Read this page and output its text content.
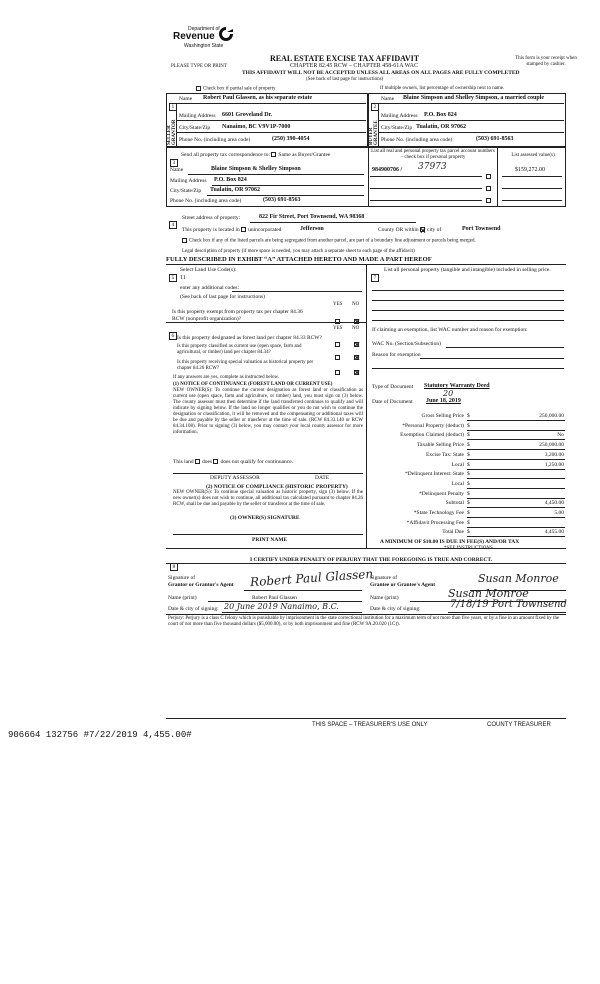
Department of
Revenue
Washington State
PLEASE TYPE OR PRINT
REAL ESTATE EXCISE TAX AFFIDAVIT
CHAPTER 82.45 RCW – CHAPTER 458-61A WAC
THIS AFFIDAVIT WILL NOT BE ACCEPTED UNLESS ALL AREAS ON ALL PAGES ARE FULLY COMPLETED
(See back of last page for instructions)
This form is your receipt when stamped by cashier.
Check box if partial sale of property	If multiple owners, list percentage of ownership next to name.
1
Name Robert Paul Glassen, as his separate estate
SELLER GRANTOR
Mailing Address 6601 Groveland Dr.
City/State/Zip Nanaimo, BC V9V1P-7000
Phone No. (including area code)	(250) 390-4054
2
Name Blaine Simpson and Shelley Simpson, a married couple
BUYER GRANTEE
Mailing Address P.O. Box 824
City/State/Zip Tualatin, OR 97062
Phone No. (including area code)	(503) 691-8563
3
Send all property tax correspondence to: Same as Buyer/Grantee
Name	Blaine Simpson & Shelley Simpson
Mailing Address P.O. Box 824
City/State/Zip Tualatin, OR 97062
Phone No. (including area code)	(503) 691-8563
List all real and personal property tax parcel account numbers – check box if personal property	List assessed value(s)
984900706 / 37973	$159,272.00
4
Street address of property:	822 Fir Street, Port Townsend, WA 98368
This property is located in unincorporated	Jefferson	County OR within city of	Port Townsend
Check box if any of the listed parcels are being segregated from another parcel, are part of a boundary line adjustment or parcels being merged.
Legal description of property (if more space is needed, you may attach a separate sheet to each page of the affidavit)
FULLY DESCRIBED IN EXHIBT “A” ATTACHED HERETO AND MADE A PART HEREOF
5
Select Land Use Code(s):
11
enter any additional codes:
(See back of last page for instructions)
YES NO
Is this property exempt from property tax per chapter 84.36 RCW (nonprofit organization)?
7
List all personal property (tangible and intangible) included in selling price.
If claiming an exemption, list WAC number and reason for exemption:
WAC No. (Section/Subsection)
Reason for exemption
Type of Document Statutory Warranty Deed
Date of Document June 18, 2019
20
Gross Selling Price $	250,000.00
*Personal Property (deduct) $
Exemption Claimed (deduct) $	No
Taxable Selling Price $	250,000.00
Excise Tax: State $	3,200.00
Local $	1,250.00
*Delinquent Interest: State $
Local $
*Delinquent Penalty $
Subtotal $	4,450.00
*State Technology Fee $	5.00
*Affidavit Processing Fee $
Total Due $	4,455.00
A MINIMUM OF $10.00 IS DUE IN FEE(S) AND/OR TAX
*SEE INSTRUCTIONS
6
YES NO
Is this property designated as forest land per chapter 84.33 RCW?
Is this property classified as current use (open space, farm and agricultural, or timber) land per chapter 84.34?
Is this property receiving special valuation as historical property per chapter 84.26 RCW?
If any answers are yes, complete as instructed below.
(1) NOTICE OF CONTINUANCE (FOREST LAND OR CURRENT USE)
NEW OWNER(S): To continue the current designation as forest land or classification as current use (open space, farm and agriculture, or timber) land, you must sign on (3) below. The county assessor must then determine if the land transferred continues to qualify and will indicate by signing below. If the land no longer qualifies or you do not wish to continue the designation or classification, it will be removed and the compensating or additional taxes will be due and payable by the seller or transferor at the time of sale. (RCW 84.33.140 or RCW 84.34.108). Prior to signing (3) below, you may contact your local county assessor for more information.
This land does does not qualify for continuance.
DEPUTY ASSESSOR	DATE
(2) NOTICE OF COMPLIANCE (HISTORIC PROPERTY)
NEW OWNER(S): To continue special valuation as historic property, sign (3) below. If the new owner(s) does not wish to continue, all additional tax calculated pursuant to chapter 84.26 RCW, shall be due and payable by the seller or transferor at the time of sale.
(3) OWNER(S) SIGNATURE
PRINT NAME
8
I CERTIFY UNDER PENALTY OF PERJURY THAT THE FOREGOING IS TRUE AND CORRECT.
Signature of
Grantor or Grantor's Agent Robert Paul Glassen
Name (print)	Robert Paul Glassen
Date & city of signing: 20 June 2019 Nanaimo, B.C.
Signature of
Grantee or Grantee's Agent	Susan Monroe
Name (print)	Susan Monroe
Date & city of signing:	7/18/19 Port Townsend
Perjury: Perjury is a class C felony which is punishable by imprisonment in the state correctional institution for a maximum term of not more than five years, or by a fine in an amount fixed by the court of not more than five thousand dollars ($5,000.00), or by both imprisonment and fine (RCW 9A.20.020 (1C)).
THIS SPACE – TREASURER'S USE ONLY	COUNTY TREASURER
906664 132756 #7/22/2019 4,455.00#
